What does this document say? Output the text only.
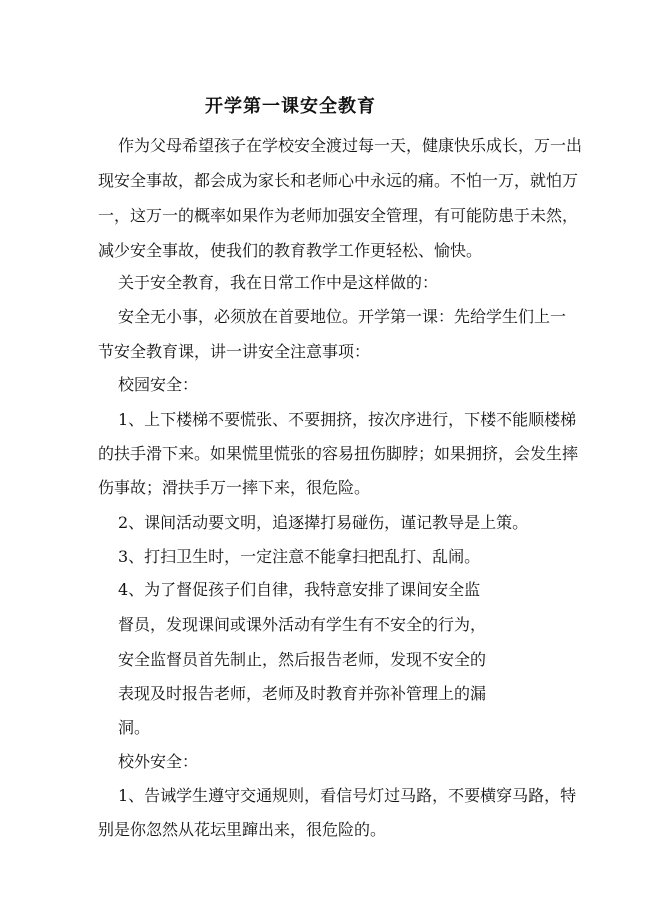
开学第一课安全教育
作为父母希望孩子在学校安全渡过每一天，健康快乐成长，万一出
现安全事故，都会成为家长和老师心中永远的痛。不怕一万，就怕万
一，这万一的概率如果作为老师加强安全管理，有可能防患于未然，
减少安全事故，使我们的教育教学工作更轻松、愉快。
关于安全教育，我在日常工作中是这样做的：
安全无小事，必须放在首要地位。开学第一课：先给学生们上一
节安全教育课，讲一讲安全注意事项：
校园安全：
1、上下楼梯不要慌张、不要拥挤，按次序进行，下楼不能顺楼梯
的扶手滑下来。如果慌里慌张的容易扭伤脚脖；如果拥挤，会发生摔
伤事故；滑扶手万一摔下来，很危险。
2、课间活动要文明，追逐撵打易碰伤，谨记教导是上策。
3、打扫卫生时，一定注意不能拿扫把乱打、乱闹。
4、为了督促孩子们自律，我特意安排了课间安全监
督员，发现课间或课外活动有学生有不安全的行为，
安全监督员首先制止，然后报告老师，发现不安全的
表现及时报告老师，老师及时教育并弥补管理上的漏
洞。
校外安全：
1、告诫学生遵守交通规则，看信号灯过马路，不要横穿马路，特
别是你忽然从花坛里蹿出来，很危险的。
